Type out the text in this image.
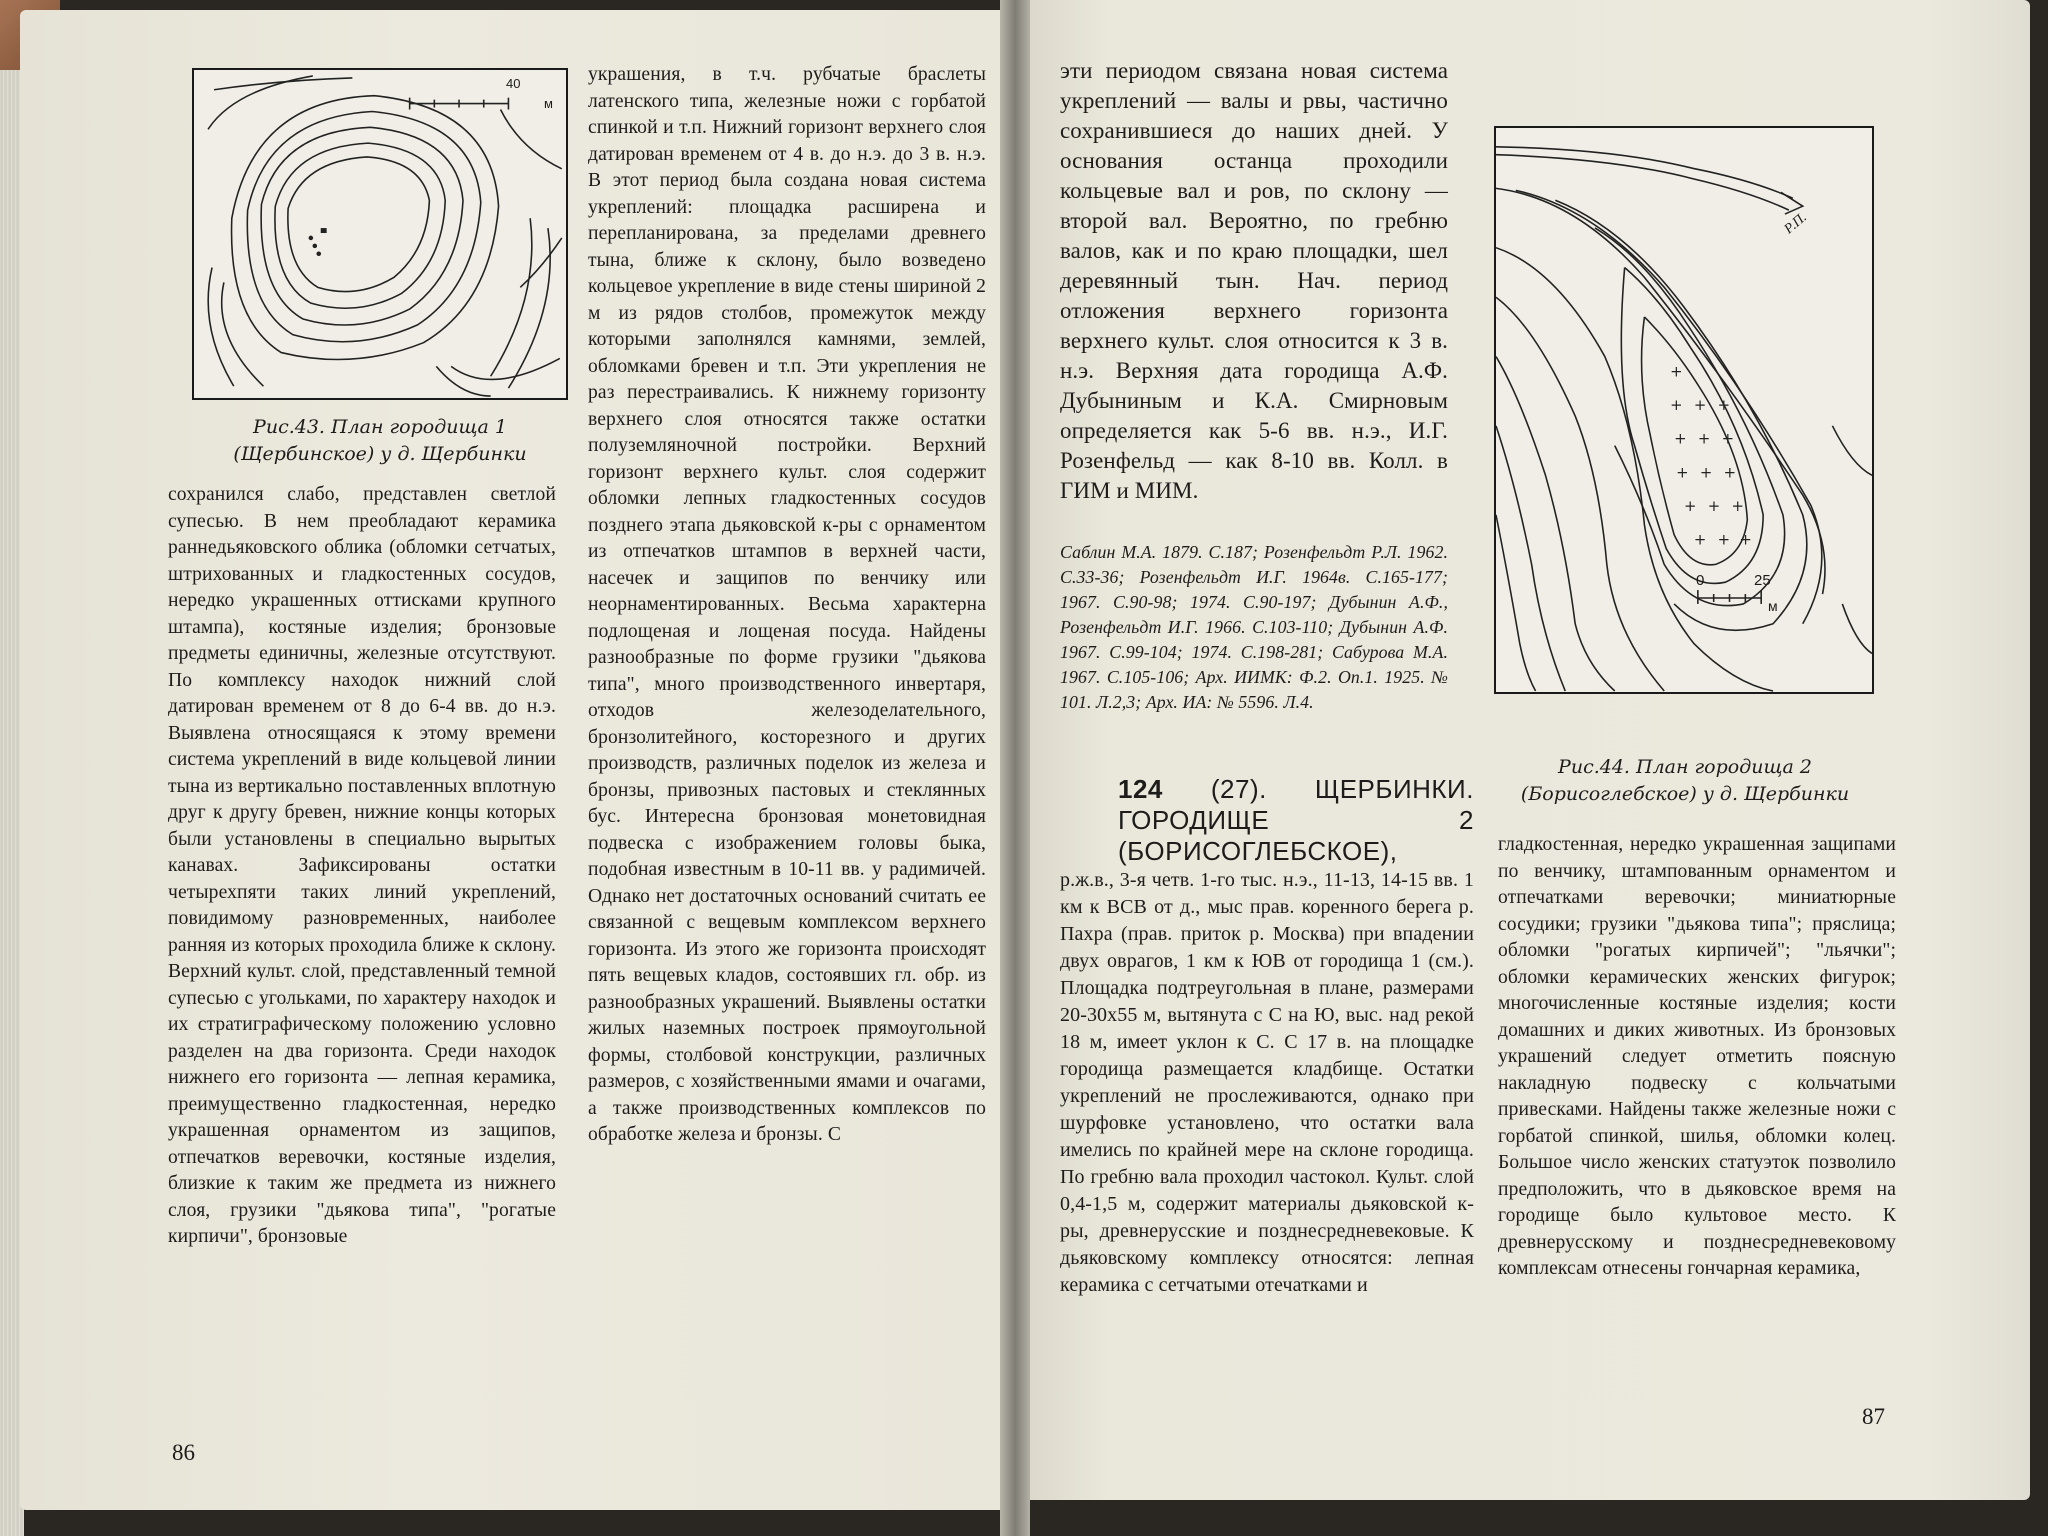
40
м
Рис.43. План городища 1
(Щербинское) у д. Щербинки

сохранился слабо, представлен светлой супесью. В нем преобладают керамика раннедьяковского облика (обломки сетчатых, штрихованных и гладкостенных сосудов, нередко украшенных оттисками крупного штампа), костяные изделия; бронзовые предметы единичны, железные отсутствуют. По комплексу находок нижний слой датирован временем от 8 до 6-4 вв. до н.э. Выявлена относящаяся к этому времени система укреплений в виде кольцевой линии тына из вертикально поставленных вплотную друг к другу бревен, нижние концы которых были установлены в специально вырытых канавах. Зафиксированы остатки четырехпяти таких линий укреплений, повидимому разновременных, наиболее ранняя из которых проходила ближе к склону. Верхний культ. слой, представленный темной супесью с угольками, по характеру находок и их стратиграфическому положению условно разделен на два горизонта. Среди находок нижнего его горизонта — лепная керамика, преимущественно гладкостенная, нередко украшенная орнаментом из защипов, отпечатков веревочки, костяные изделия, близкие к таким же предмета из нижнего слоя, грузики "дьякова типа", "рогатые кирпичи", бронзовые

украшения, в т.ч. рубчатые браслеты латенского типа, железные ножи с горбатой спинкой и т.п. Нижний горизонт верхнего слоя датирован временем от 4 в. до н.э. до 3 в. н.э. В этот период была создана новая система укреплений: площадка расширена и перепланирована, за пределами древнего тына, ближе к склону, было возведено кольцевое укрепление в виде стены шириной 2 м из рядов столбов, промежуток между которыми заполнялся камнями, землей, обломками бревен и т.п. Эти укрепления не раз перестраивались. К нижнему горизонту верхнего слоя относятся также остатки полуземляночной постройки. Верхний горизонт верхнего культ. слоя содержит обломки лепных гладкостенных сосудов позднего этапа дьяковской к-ры с орнаментом из отпечатков штампов в верхней части, насечек и защипов по венчику или неорнаментированных. Весьма характерна подлощеная и лощеная посуда. Найдены разнообразные по форме грузики "дьякова типа", много производственного инвертаря, отходов железоделательного, бронзолитейного, косторезного и других производств, различных поделок из железа и бронзы, привозных пастовых и стеклянных бус. Интересна бронзовая монетовидная подвеска с изображением головы быка, подобная известным в 10-11 вв. у радимичей. Однако нет достаточных оснований считать ее связанной с вещевым комплексом верхнего горизонта. Из этого же горизонта происходят пять вещевых кладов, состоявших гл. обр. из разнообразных украшений. Выявлены остатки жилых наземных построек прямоугольной формы, столбовой конструкции, различных размеров, с хозяйственными ямами и очагами, а также производственных комплексов по обработке железа и бронзы. С

86

эти периодом связана новая система укреплений — валы и рвы, частично сохранившиеся до наших дней. У основания останца проходили кольцевые вал и ров, по склону — второй вал. Вероятно, по гребню валов, как и по краю площадки, шел деревянный тын. Нач. период отложения верхнего горизонта верхнего культ. слоя относится к 3 в. н.э. Верхняя дата городища А.Ф. Дубыниным и К.А. Смирновым определяется как 5-6 вв. н.э., И.Г. Розенфельд — как 8-10 вв. Колл. в ГИМ и МИМ.

Саблин М.А. 1879. С.187; Розенфельдт Р.Л. 1962. С.33-36; Розенфельдт И.Г. 1964в. С.165-177; 1967. С.90-98; 1974. С.90-197; Дубынин А.Ф., Розенфельдт И.Г. 1966. С.103-110; Дубынин А.Ф. 1967. С.99-104; 1974. С.198-281; Сабурова М.А. 1967. С.105-106; Арх. ИИМК: Ф.2. Оп.1. 1925. № 101. Л.2,3; Арх. ИА: № 5596. Л.4.

+
+ + +
+ + +
+ + +
+ + +
+ + +
Р.П.
0	25
м
Рис.44. План городища 2
(Борисоглебское) у д. Щербинки

124 (27). ЩЕРБИНКИ. ГОРОДИЩЕ 2 (БОРИСОГЛЕБСКОЕ),

р.ж.в., 3-я четв. 1-го тыс. н.э., 11-13, 14-15 вв. 1 км к ВСВ от д., мыс прав. коренного берега р. Пахра (прав. приток р. Москва) при впадении двух оврагов, 1 км к ЮВ от городища 1 (см.). Площадка подтреугольная в плане, размерами 20-30х55 м, вытянута с С на Ю, выс. над рекой 18 м, имеет уклон к С. С 17 в. на площадке городища размещается кладбище. Остатки укреплений не прослеживаются, однако при шурфовке установлено, что остатки вала имелись по крайней мере на склоне городища. По гребню вала проходил частокол. Культ. слой 0,4-1,5 м, содержит материалы дьяковской к-ры, древнерусские и позднесредневековые. К дьяковскому комплексу относятся: лепная керамика с сетчатыми отечатками и

гладкостенная, нередко украшенная защипами по венчику, штампованным орнаментом и отпечатками веревочки; миниатюрные сосудики; грузики "дьякова типа"; пряслица; обломки "рогатых кирпичей"; "льячки"; обломки керамических женских фигурок; многочисленные костяные изделия; кости домашних и диких животных. Из бронзовых украшений следует отметить поясную накладную подвеску с кольчатыми привесками. Найдены также железные ножи с горбатой спинкой, шилья, обломки колец. Большое число женских статуэток позволило предположить, что в дьяковское время на городище было культовое место. К древнерусскому и позднесредневековому комплексам отнесены гончарная керамика,

87
